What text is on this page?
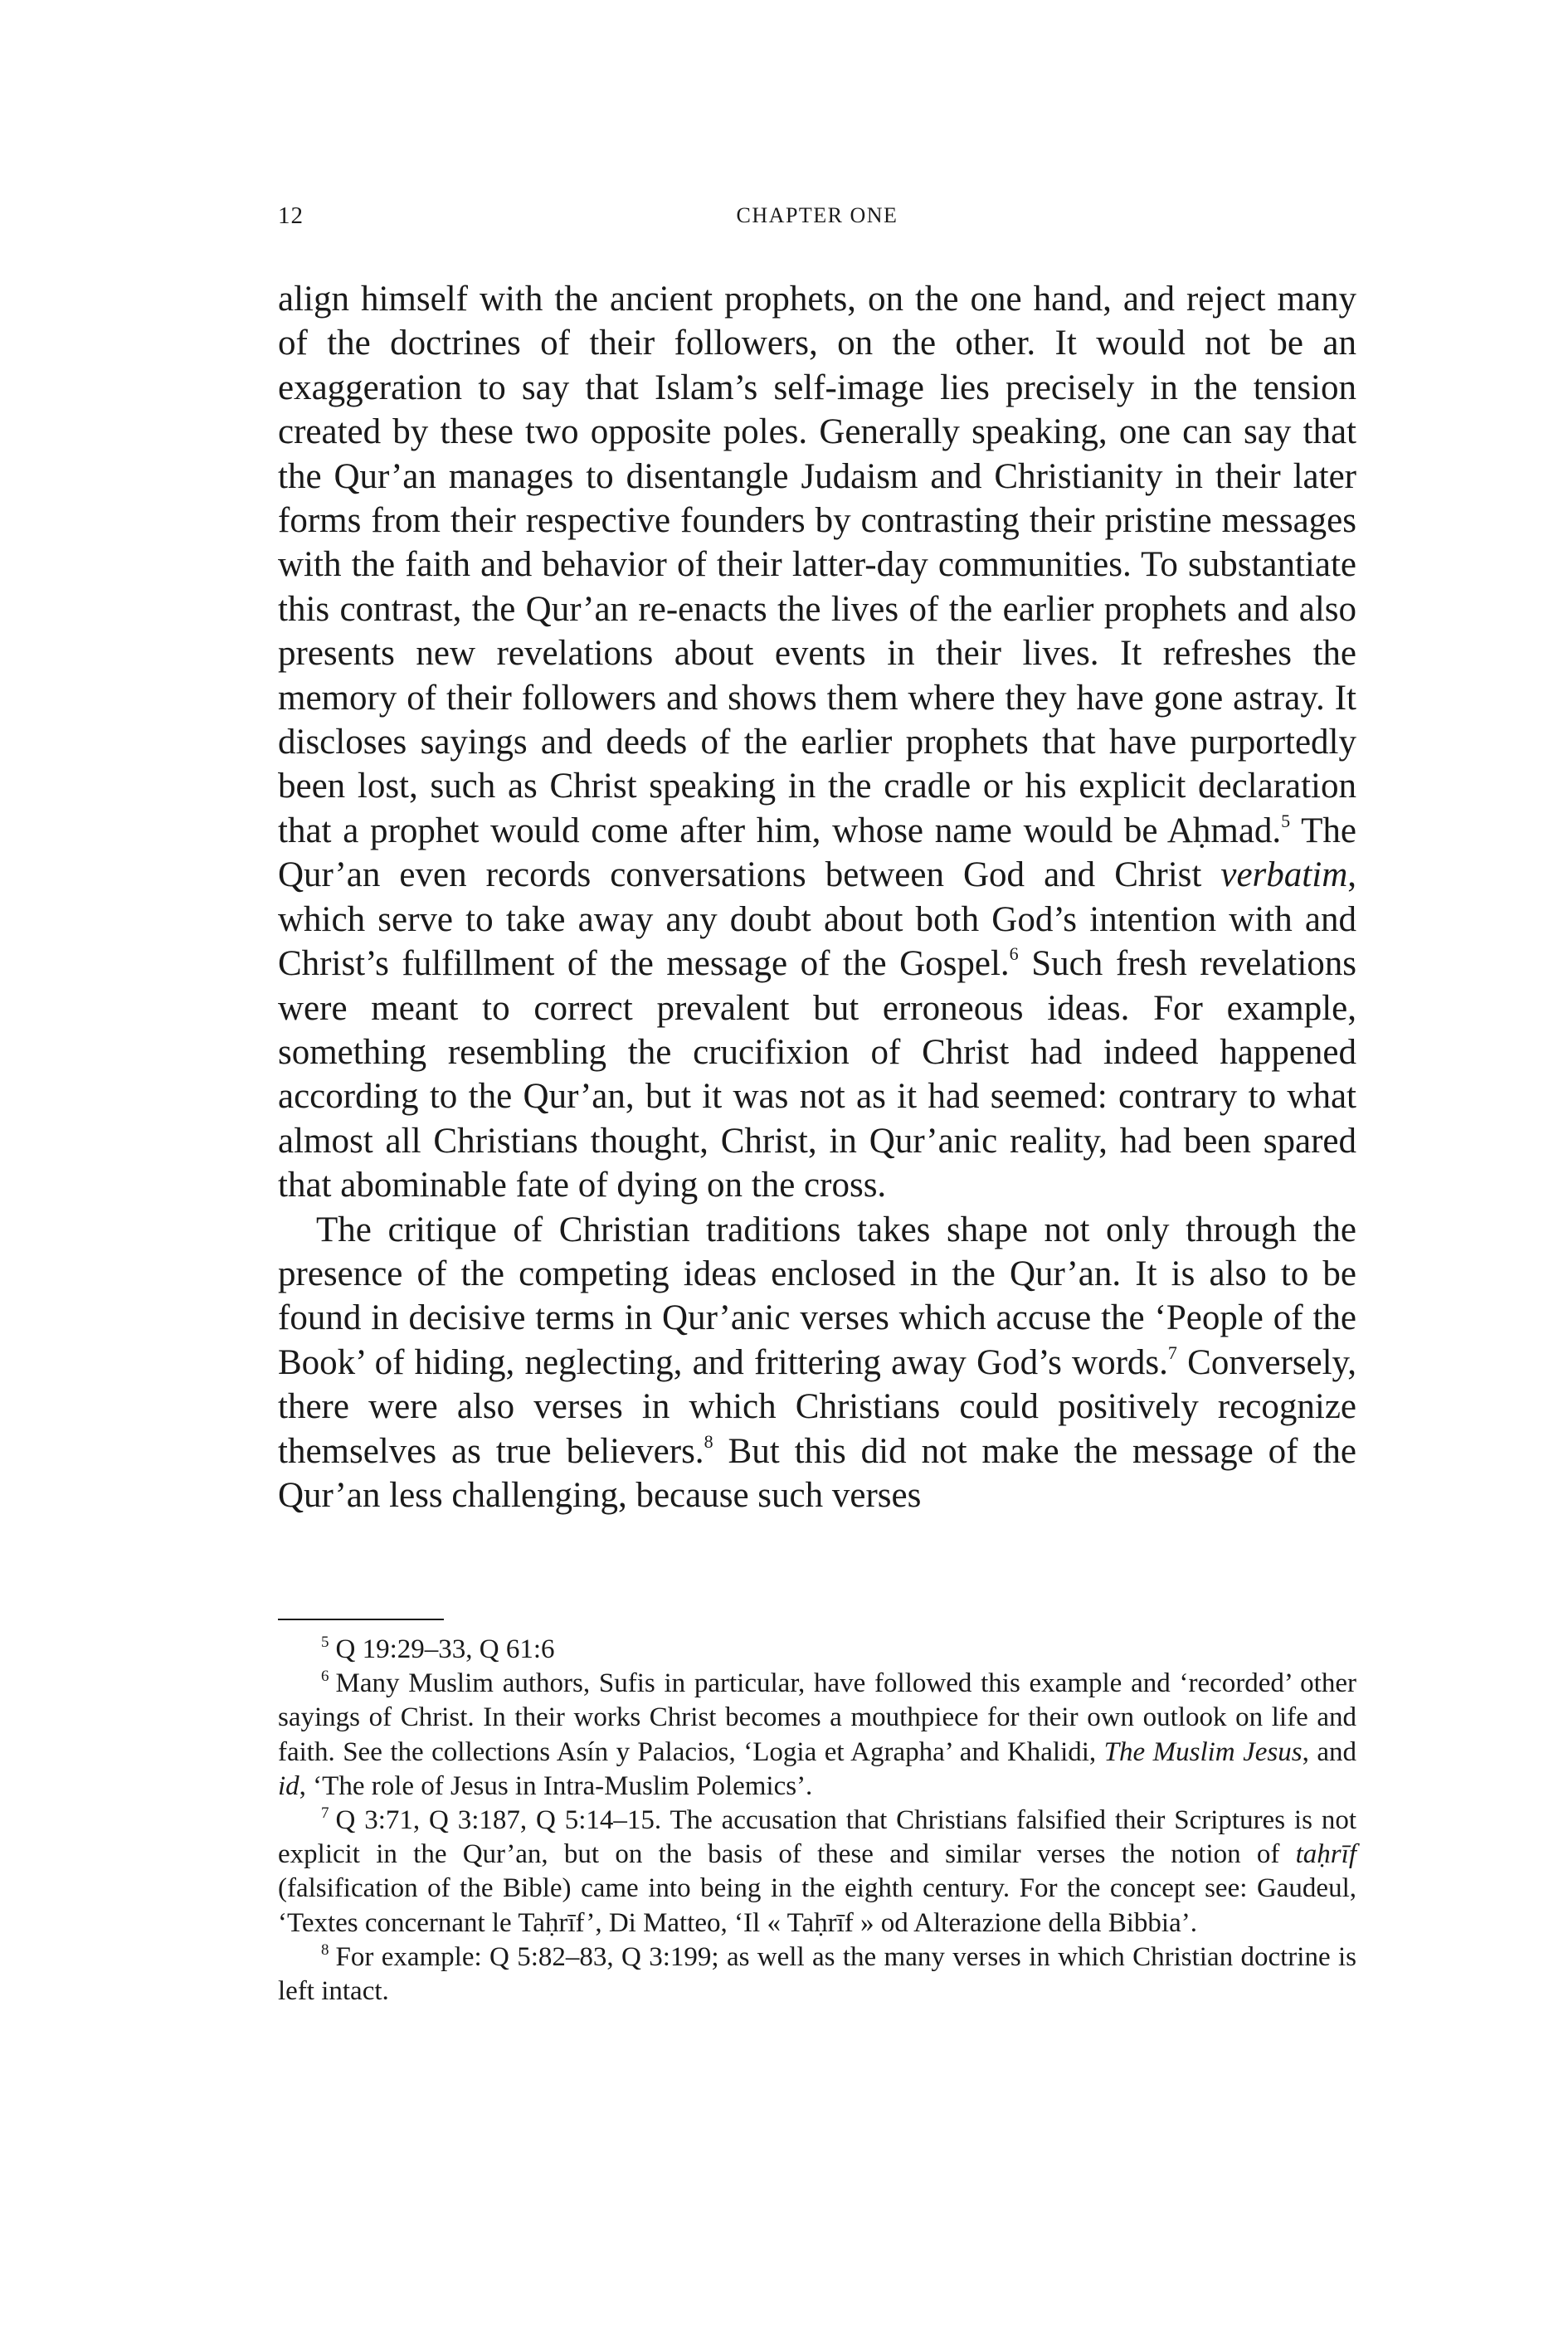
12	CHAPTER ONE

align himself with the ancient prophets, on the one hand, and reject many of the doctrines of their followers, on the other. It would not be an exaggeration to say that Islam’s self-image lies precisely in the tension created by these two opposite poles. Generally speaking, one can say that the Qur’an manages to disentangle Judaism and Christianity in their later forms from their respective founders by contrasting their pristine messages with the faith and behavior of their latter-day communities. To substantiate this contrast, the Qur’an re-enacts the lives of the earlier prophets and also presents new revelations about events in their lives. It refreshes the memory of their followers and shows them where they have gone astray. It discloses sayings and deeds of the earlier prophets that have purportedly been lost, such as Christ speaking in the cradle or his explicit declaration that a prophet would come after him, whose name would be Aḥmad.$^5$ The Qur’an even records conversations between God and Christ verbatim, which serve to take away any doubt about both God’s intention with and Christ’s fulfillment of the message of the Gospel.$^6$ Such fresh revelations were meant to correct prevalent but erroneous ideas. For example, something resembling the crucifixion of Christ had indeed happened according to the Qur’an, but it was not as it had seemed: contrary to what almost all Christians thought, Christ, in Qur’anic reality, had been spared that abominable fate of dying on the cross.

The critique of Christian traditions takes shape not only through the presence of the competing ideas enclosed in the Qur’an. It is also to be found in decisive terms in Qur’anic verses which accuse the ‘People of the Book’ of hiding, neglecting, and frittering away God’s words.$^7$ Conversely, there were also verses in which Christians could positively recognize themselves as true believers.$^8$ But this did not make the message of the Qur’an less challenging, because such verses

$^5$ Q 19:29–33, Q 61:6

$^6$ Many Muslim authors, Sufis in particular, have followed this example and ‘recorded’ other sayings of Christ. In their works Christ becomes a mouthpiece for their own outlook on life and faith. See the collections Asín y Palacios, ‘Logia et Agrapha’ and Khalidi, The Muslim Jesus, and id, ‘The role of Jesus in Intra-Muslim Polemics’.

$^7$ Q 3:71, Q 3:187, Q 5:14–15. The accusation that Christians falsified their Scriptures is not explicit in the Qur’an, but on the basis of these and similar verses the notion of taḥrīf (falsification of the Bible) came into being in the eighth century. For the concept see: Gaudeul, ‘Textes concernant le Taḥrīf’, Di Matteo, ‘Il « Taḥrīf » od Alterazione della Bibbia’.

$^8$ For example: Q 5:82–83, Q 3:199; as well as the many verses in which Christian doctrine is left intact.
